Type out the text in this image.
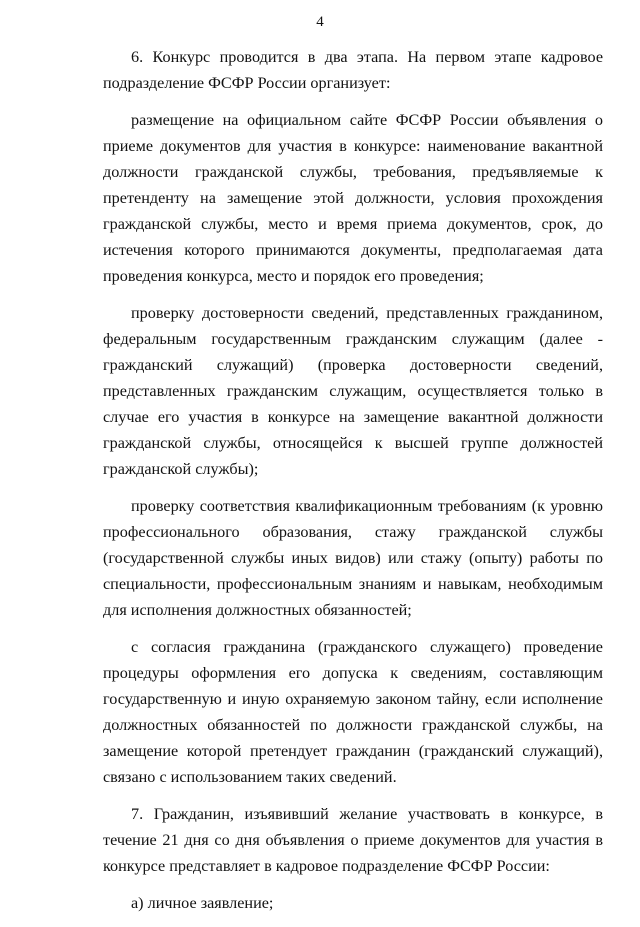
4

6. Конкурс проводится в два этапа. На первом этапе кадровое подразделение ФСФР России организует:

размещение на официальном сайте ФСФР России объявления о приеме документов для участия в конкурсе: наименование вакантной должности гражданской службы, требования, предъявляемые к претенденту на замещение этой должности, условия прохождения гражданской службы, место и время приема документов, срок, до истечения которого принимаются документы, предполагаемая дата проведения конкурса, место и порядок его проведения;

проверку достоверности сведений, представленных гражданином, федеральным государственным гражданским служащим (далее - гражданский служащий) (проверка достоверности сведений, представленных гражданским служащим, осуществляется только в случае его участия в конкурсе на замещение вакантной должности гражданской службы, относящейся к высшей группе должностей гражданской службы);

проверку соответствия квалификационным требованиям (к уровню профессионального образования, стажу гражданской службы (государственной службы иных видов) или стажу (опыту) работы по специальности, профессиональным знаниям и навыкам, необходимым для исполнения должностных обязанностей;

с согласия гражданина (гражданского служащего) проведение процедуры оформления его допуска к сведениям, составляющим государственную и иную охраняемую законом тайну, если исполнение должностных обязанностей по должности гражданской службы, на замещение которой претендует гражданин (гражданский служащий), связано с использованием таких сведений.

7. Гражданин, изъявивший желание участвовать в конкурсе, в течение 21 дня со дня объявления о приеме документов для участия в конкурсе представляет в кадровое подразделение ФСФР России:

а) личное заявление;
